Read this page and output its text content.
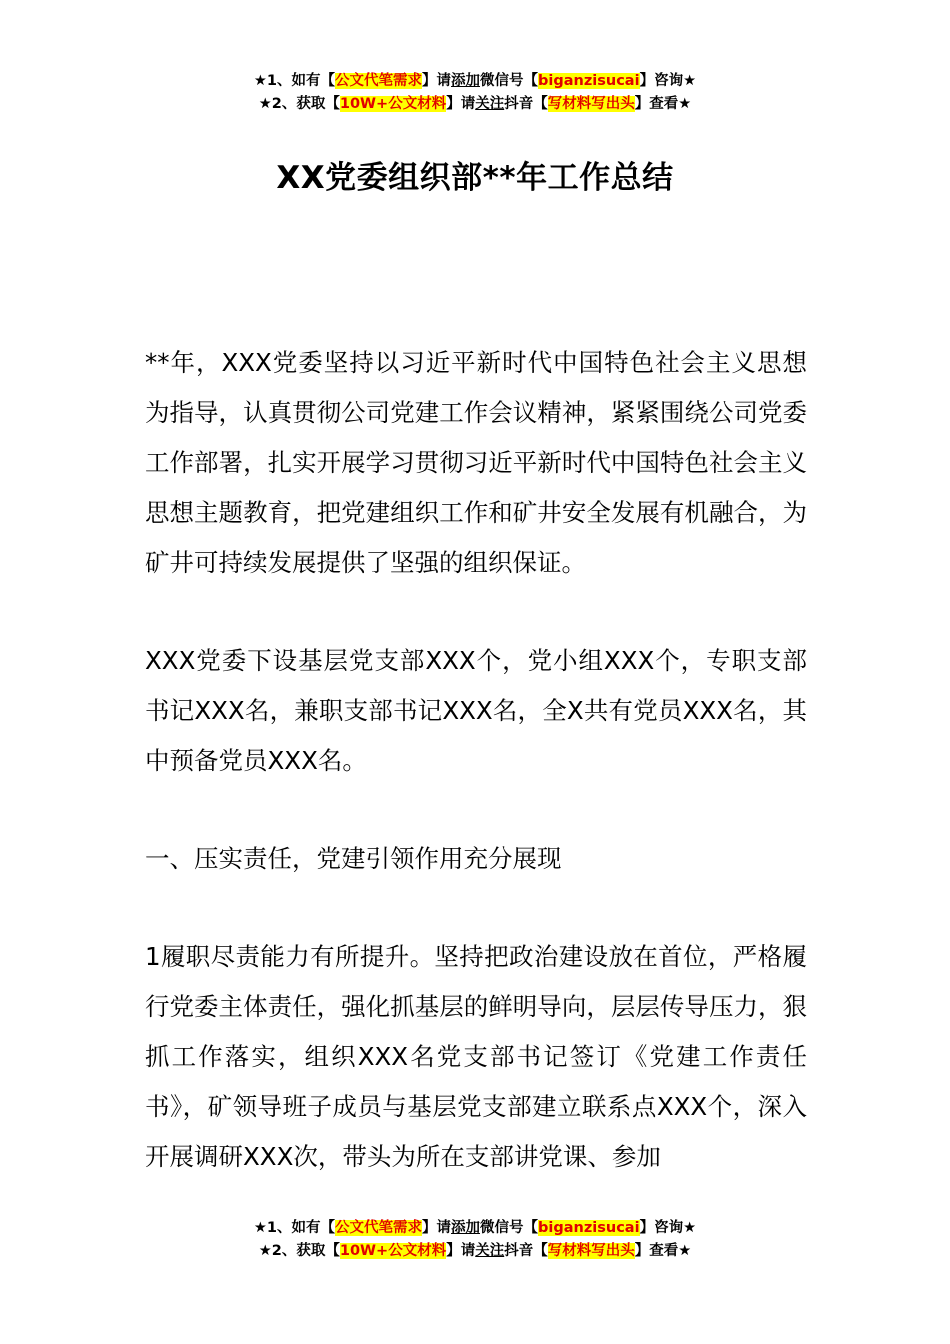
★1、如有【公文代笔需求】请添加微信号【biganzisucai】咨询★
★2、获取【10W+公文材料】请关注抖音【写材料写出头】查看★
XX党委组织部**年工作总结

**年，XXX党委坚持以习近平新时代中国特色社会主义思想为指导，认真贯彻公司党建工作会议精神，紧紧围绕公司党委工作部署，扎实开展学习贯彻习近平新时代中国特色社会主义思想主题教育，把党建组织工作和矿井安全发展有机融合，为矿井可持续发展提供了坚强的组织保证。

XXX党委下设基层党支部XXX个，党小组XXX个，专职支部书记XXX名，兼职支部书记XXX名，全X共有党员XXX名，其中预备党员XXX名。

一、压实责任，党建引领作用充分展现

1履职尽责能力有所提升。坚持把政治建设放在首位，严格履行党委主体责任，强化抓基层的鲜明导向，层层传导压力，狠抓工作落实，组织XXX名党支部书记签订《党建工作责任书》，矿领导班子成员与基层党支部建立联系点XXX个，深入开展调研XXX次，带头为所在支部讲党课、参加

★1、如有【公文代笔需求】请添加微信号【biganzisucai】咨询★
★2、获取【10W+公文材料】请关注抖音【写材料写出头】查看★
